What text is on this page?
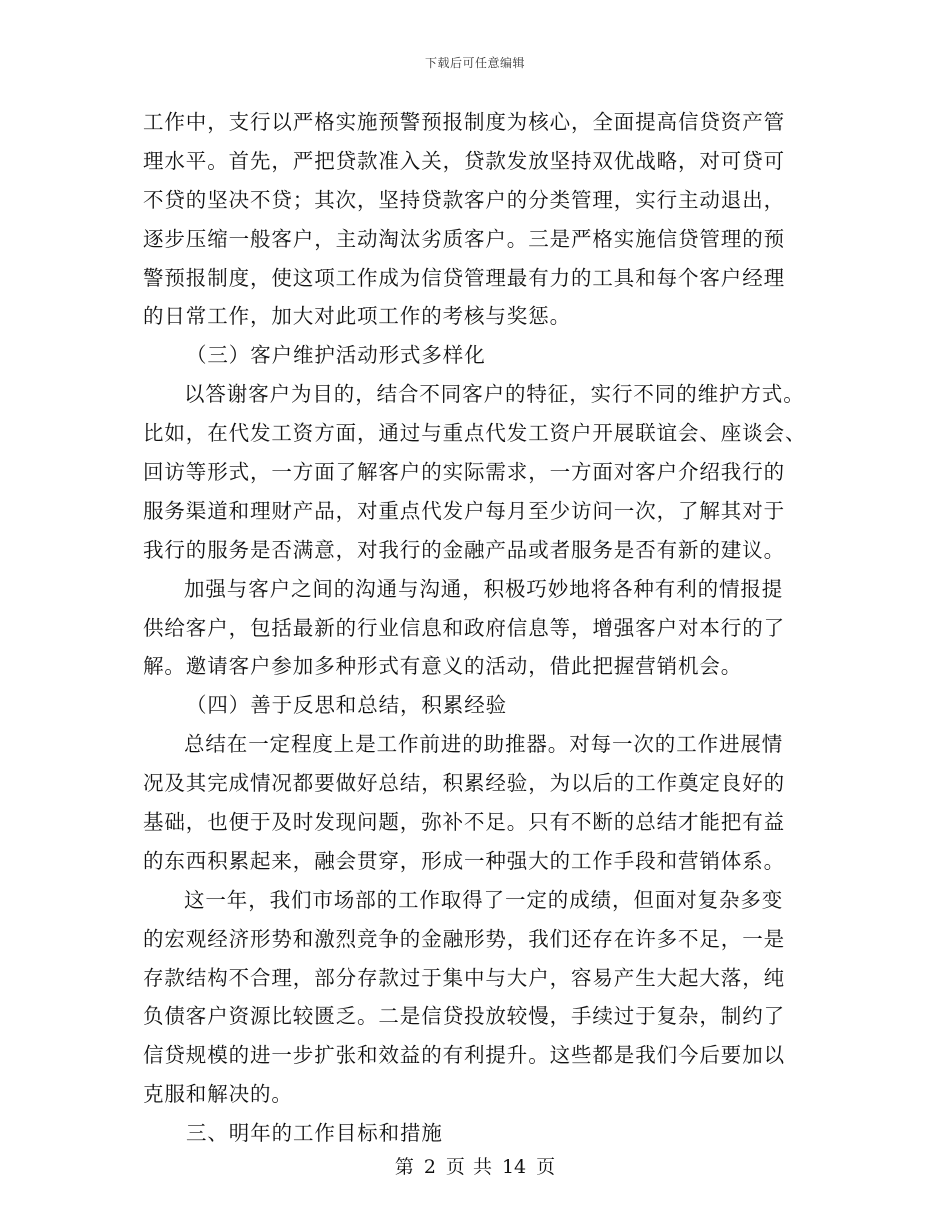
下载后可任意编辑
工作中，支行以严格实施预警预报制度为核心，全面提高信贷资产管
理水平。首先，严把贷款准入关，贷款发放坚持双优战略，对可贷可
不贷的坚决不贷；其次，坚持贷款客户的分类管理，实行主动退出，
逐步压缩一般客户，主动淘汰劣质客户。三是严格实施信贷管理的预
警预报制度，使这项工作成为信贷管理最有力的工具和每个客户经理
的日常工作，加大对此项工作的考核与奖惩。
（三）客户维护活动形式多样化
以答谢客户为目的，结合不同客户的特征，实行不同的维护方式。
比如，在代发工资方面，通过与重点代发工资户开展联谊会、座谈会、
回访等形式，一方面了解客户的实际需求，一方面对客户介绍我行的
服务渠道和理财产品，对重点代发户每月至少访问一次，了解其对于
我行的服务是否满意，对我行的金融产品或者服务是否有新的建议。
加强与客户之间的沟通与沟通，积极巧妙地将各种有利的情报提
供给客户，包括最新的行业信息和政府信息等，增强客户对本行的了
解。邀请客户参加多种形式有意义的活动，借此把握营销机会。
（四）善于反思和总结，积累经验
总结在一定程度上是工作前进的助推器。对每一次的工作进展情
况及其完成情况都要做好总结，积累经验，为以后的工作奠定良好的
基础，也便于及时发现问题，弥补不足。只有不断的总结才能把有益
的东西积累起来，融会贯穿，形成一种强大的工作手段和营销体系。
这一年，我们市场部的工作取得了一定的成绩，但面对复杂多变
的宏观经济形势和激烈竞争的金融形势，我们还存在许多不足，一是
存款结构不合理，部分存款过于集中与大户，容易产生大起大落，纯
负债客户资源比较匮乏。二是信贷投放较慢，手续过于复杂，制约了
信贷规模的进一步扩张和效益的有利提升。这些都是我们今后要加以
克服和解决的。
三、明年的工作目标和措施
第 2 页 共 14 页
